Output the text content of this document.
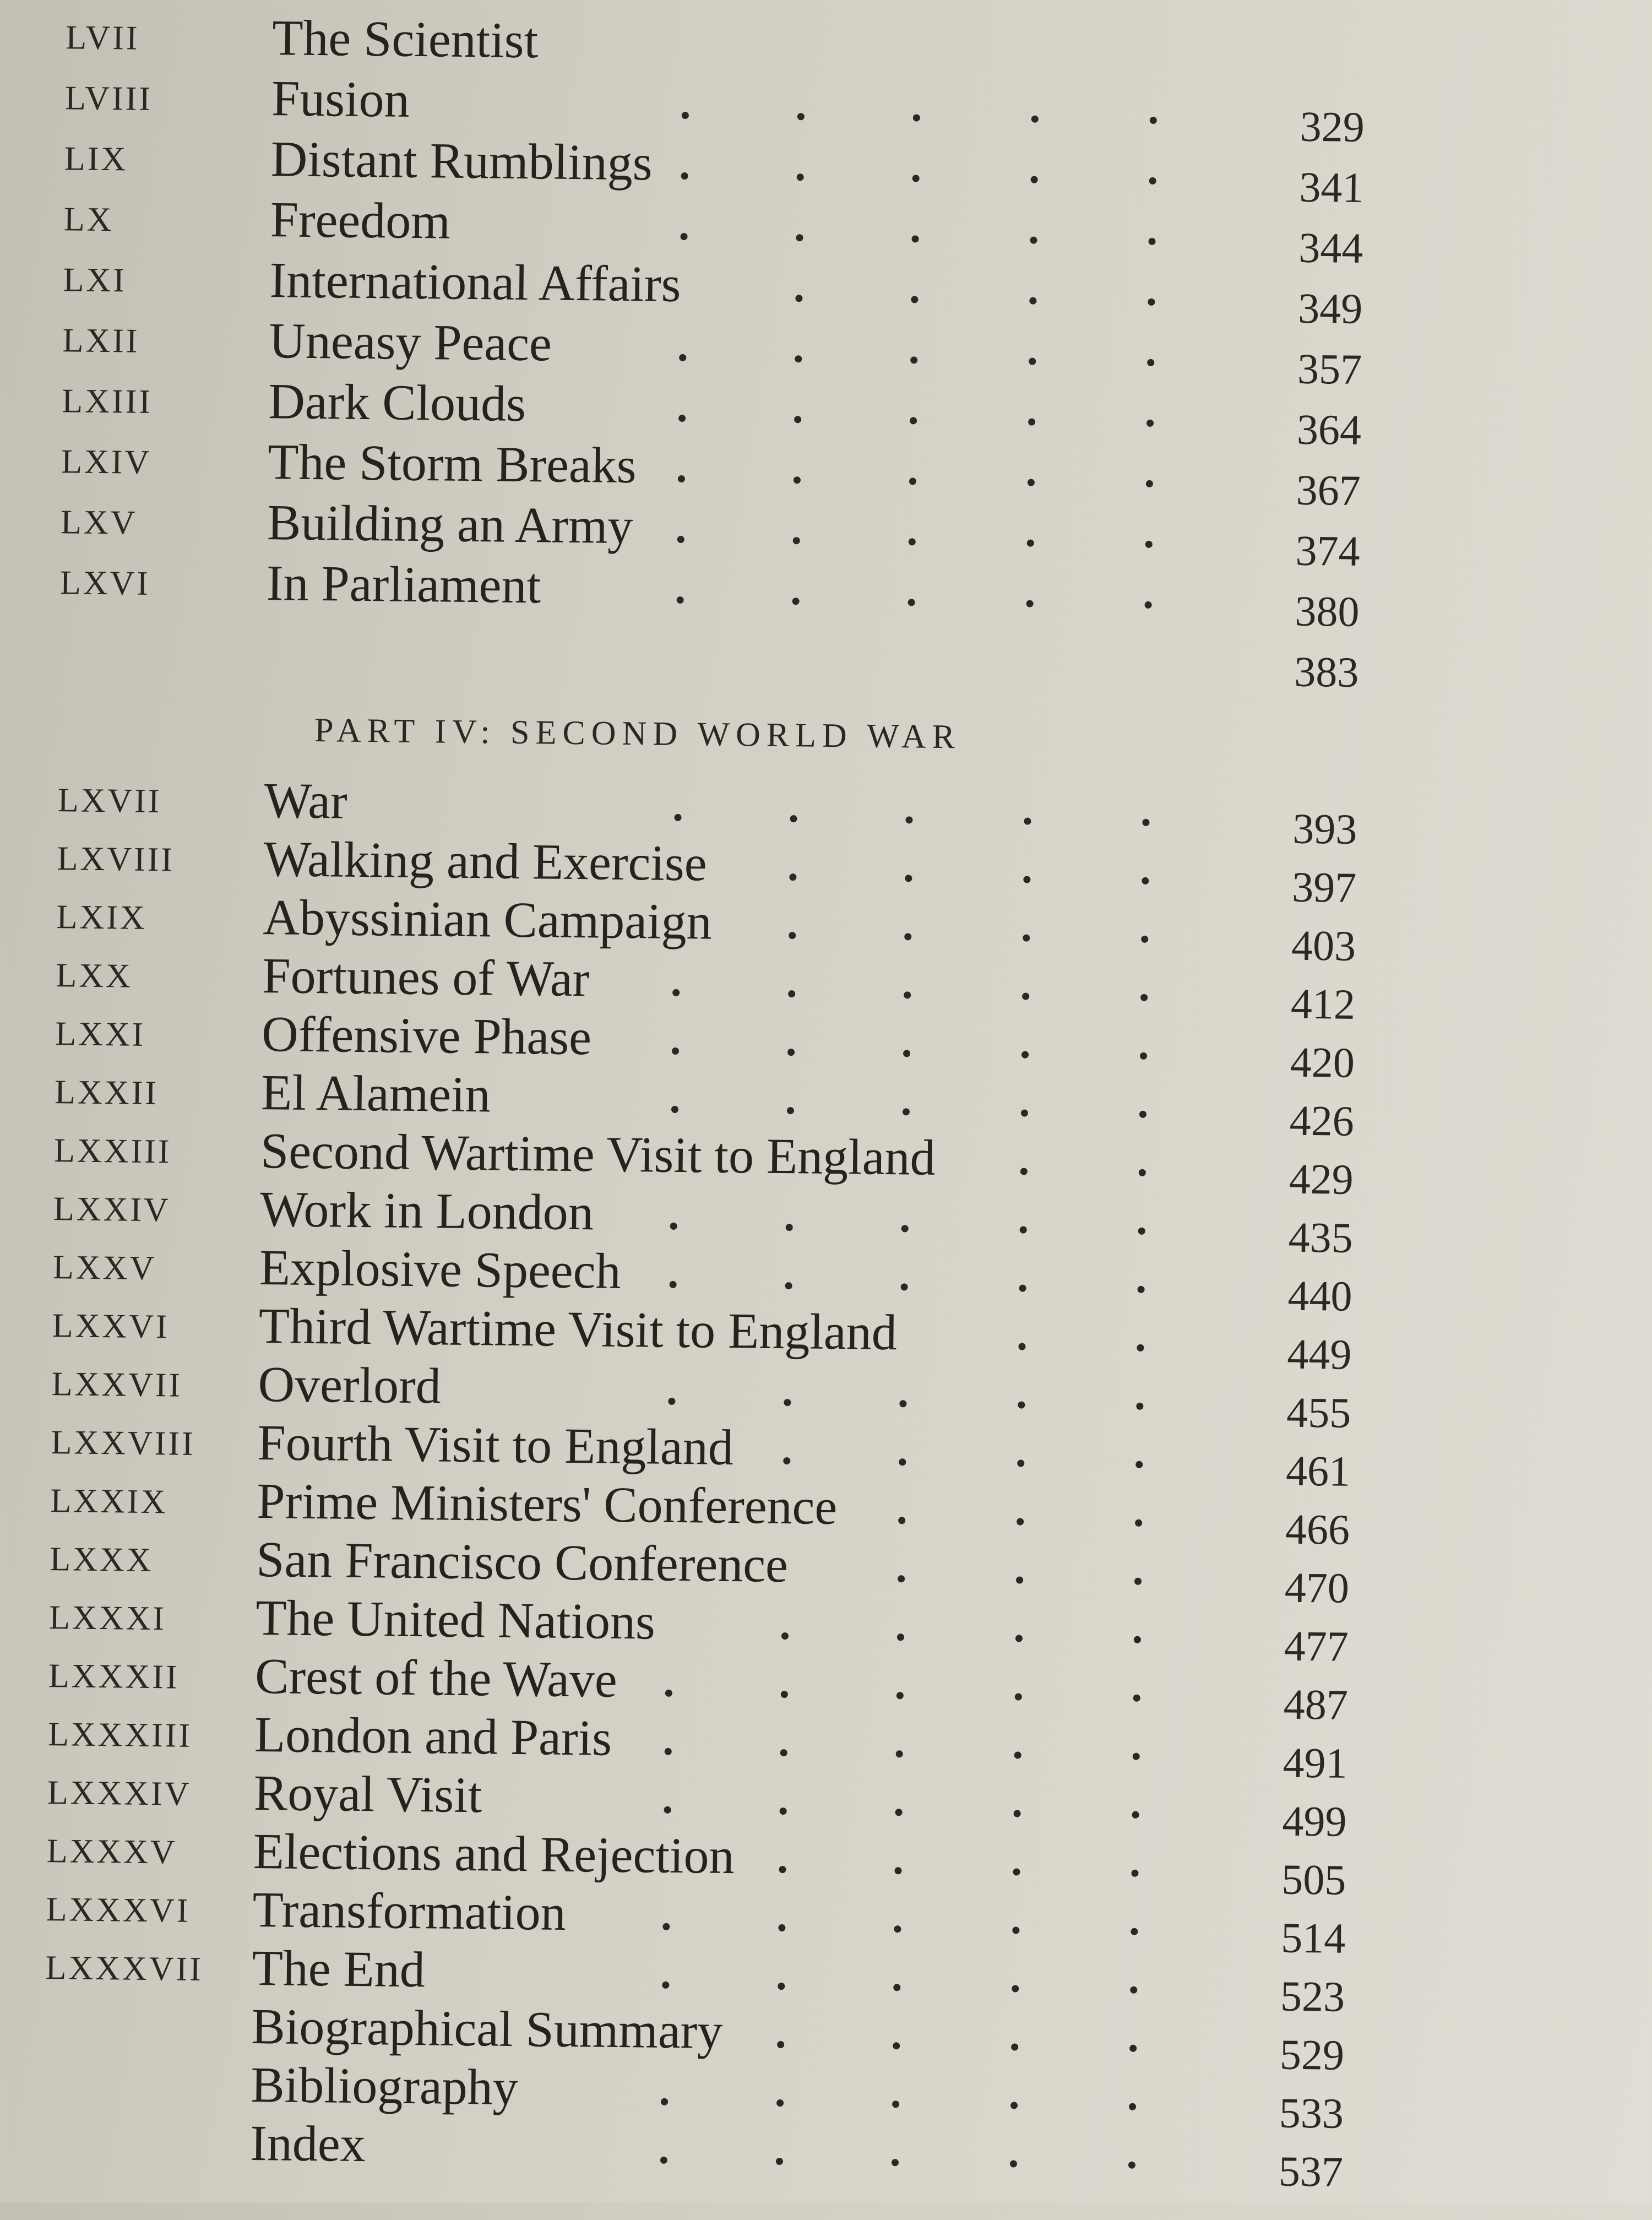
LVII	The Scientist
LVIII Fusion	329
LIX	Distant Rumblings	341
LX	Freedom	344
LXI	International Affairs	349
LXII	Uneasy Peace	357
LXIII Dark Clouds	364
LXIV The Storm Breaks	367
LXV	Building an Army	374
LXVI In Parliament	380
383
PART IV: SECOND WORLD WAR
LXVII War	393
LXVIII Walking and Exercise	397
LXIX Abyssinian Campaign	403
LXX	Fortunes of War	412
LXXI Offensive Phase	420
LXXII El Alamein	426
LXXIII Second Wartime Visit to England	429
LXXIV Work in London	435
LXXV Explosive Speech	440
LXXVI Third Wartime Visit to England	449
LXXVII Overlord	455
LXXVIII Fourth Visit to England	461
LXXIX Prime Ministers' Conference	466
LXXX San Francisco Conference	470
LXXXI The United Nations	477
LXXXII Crest of the Wave	487
LXXXIII London and Paris	491
LXXXIV Royal Visit	499
LXXXV Elections and Rejection	505
LXXXVI Transformation	514
LXXXVII The End	523
Biographical Summary	529
Bibliography	533
Index	537
